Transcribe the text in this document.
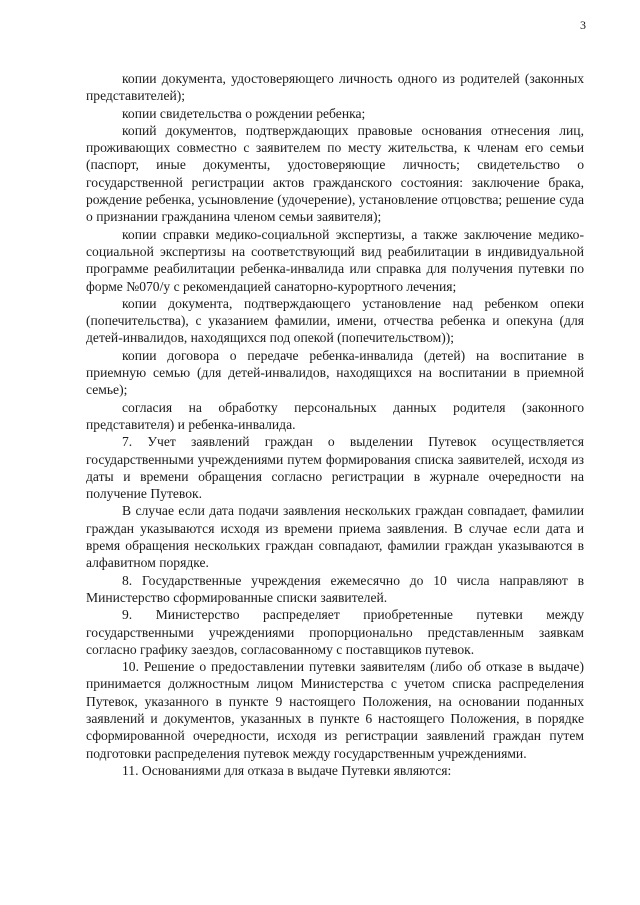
3

копии документа, удостоверяющего личность одного из родителей (законных представителей);

копии свидетельства о рождении ребенка;

копий документов, подтверждающих правовые основания отнесения лиц, проживающих совместно с заявителем по месту жительства, к членам его семьи (паспорт, иные документы, удостоверяющие личность; свидетельство о государственной регистрации актов гражданского состояния: заключение брака, рождение ребенка, усыновление (удочерение), установление отцовства; решение суда о признании гражданина членом семьи заявителя);

копии справки медико-социальной экспертизы, а также заключение медико-социальной экспертизы на соответствующий вид реабилитации в индивидуальной программе реабилитации ребенка-инвалида или справка для получения путевки по форме №070/у с рекомендацией санаторно-курортного лечения;

копии документа, подтверждающего установление над ребенком опеки (попечительства), с указанием фамилии, имени, отчества ребенка и опекуна (для детей-инвалидов, находящихся под опекой (попечительством));

копии договора о передаче ребенка-инвалида (детей) на воспитание в приемную семью (для детей-инвалидов, находящихся на воспитании в приемной семье);

согласия на обработку персональных данных родителя (законного представителя) и ребенка-инвалида.

7. Учет заявлений граждан о выделении Путевок осуществляется государственными учреждениями путем формирования списка заявителей, исходя из даты и времени обращения согласно регистрации в журнале очередности на получение Путевок.

В случае если дата подачи заявления нескольких граждан совпадает, фамилии граждан указываются исходя из времени приема заявления. В случае если дата и время обращения нескольких граждан совпадают, фамилии граждан указываются в алфавитном порядке.

8. Государственные учреждения ежемесячно до 10 числа направляют в Министерство сформированные списки заявителей.

9. Министерство распределяет приобретенные путевки между государственными учреждениями пропорционально представленным заявкам согласно графику заездов, согласованному с поставщиков путевок.

10. Решение о предоставлении путевки заявителям (либо об отказе в выдаче) принимается должностным лицом Министерства с учетом списка распределения Путевок, указанного в пункте 9 настоящего Положения, на основании поданных заявлений и документов, указанных в пункте 6 настоящего Положения, в порядке сформированной очередности, исходя из регистрации заявлений граждан путем подготовки распределения путевок между государственным учреждениями.

11. Основаниями для отказа в выдаче Путевки являются:
